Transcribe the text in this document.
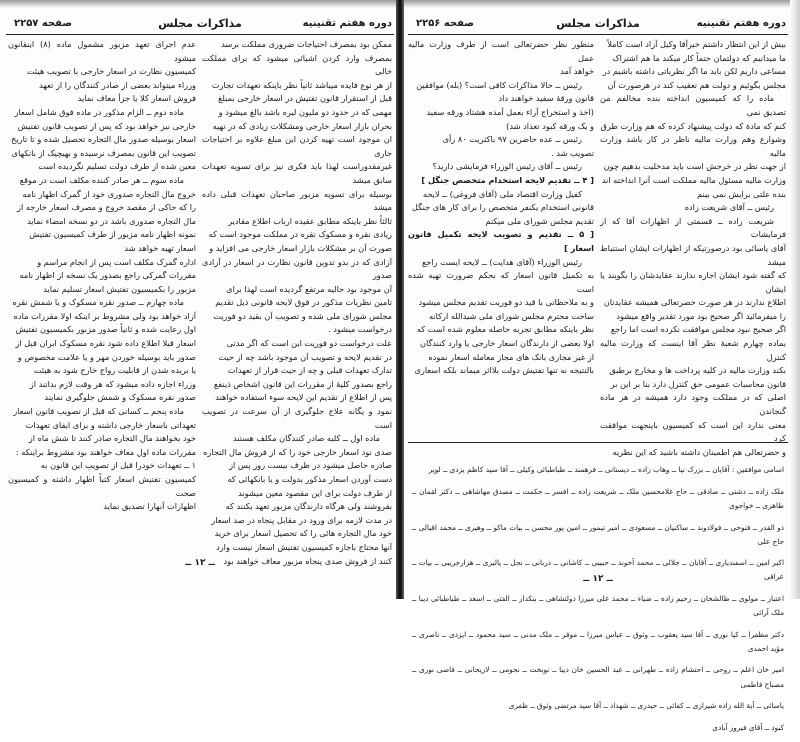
دوره هفتم تقنینیه
مذاکرات مجلس
صفحه ۲۲۵۷

ممکن بود بمصرف احتیاجات ضروری مملکت برسد

بمصرف وارد کردن اشیائی میشود که برای مملکت خالی

از هر نوع فایده میباشد ثانیاً نظر باینکه تعهدات تجارت

قبل از استقرار قانون تفتیش در اسعار خارجی بمبلغ

مهمی که در حدود دو ملیون لیره باشد بالغ میشود و

بحران بازار اسعار خارجی ومشکلات زیادی که در تهیه

ان موجود است تهیه کردن این مبلغ علاوه بر احتیاجات جاری

غیرمقدوراست لهذا باید فکری نیز برای تسویه تعهدات سابق میشد

بوسیله برای تسویه مزبور صاحبان تعهدات قبلی داده میشد

ثالثاً نظر باینکه مطابق عقیده ارباب اطلاع مقادیر

زیادی نقره و مسکوک نقره در مملکت موجود است که

صورت آن بر مشکلات بازار اسعار خارجی می افزاید و

آزادی که در بدو تدوین قانون نظارت در اسعار در آزادی صدور

آن موجود بود حالیه مرتفع گردیده است لهذا برای

تامین نظریات مذکور در فوق لایحه قانونی ذیل تقدیم

مجلس شورای ملی شده و تصویب آن بقید دو فوریت

درخواست میشود .

علت درخواست دو فوریت این است که اگر مدتی

در تقدیم لایحه و تصویب آن موجود باشد چه از حیث

تدارک تعهدات قبلی و چه از حیث قرار از تعهدات

راجع بصدور کلیهٔ از مقررات این قانون اشخاص ذینفع

پس از اطلاع از تقدیم این لایحه سوء استفاده خواهند

نمود و یگانه علاج جلوگیری از آن سرعت در تصویب است

ماده اول ــ کلیه صادر کنندگان مکلف هستند

صدی نود اسعار خارجی خود را که از فروش مال التجاره

صادره حاصل میشود در ظرف بیست روز پس از

دست آوردن اسعار مذکور بدولت و یا بانکهائی که

از طرف دولت برای این مقصود معین میشوند

بفروشند ولی هرگاه دارندگان مزبور تعهد بکنند که

در مدت لازمه برای ورود در مقابل پنجاه در صد اسعار

خود مال التجاره هائی را که تحصیل اسعار برای خرید

آنها محتاج باجازه کمیسیون تفتیش اسعار نیست وارد

کنند از فروش صدی پنجاه مزبور معاف خواهند بود

عدم اجرای تعهد مزبور مشمول ماده (۸) اینقانون میشود

کمیسیون نظارت در اسعار خارجی با تصویب هیئت

وزراء میتواند بعضی از صادر کنندگان را از تعهد

فروش اسعار کلا یا جزأ معاف نماید

ماده دوم ــ الزام مذکور در ماده فوق شامل اسعار

خارجی نیز خواهد بود که پس از تصویب قانون تفتیش

اسعار بوسیله صدور مال التجاره تحصیل شده و تا تاریخ

تصویب این قانون بمصرف نرسیده و بهیچیک از بانکهای

معین شده از طرف دولت تسلیم نگردیده است

ماده سوم ــ هر صادر کننده مکلف است در موقع

خروج مال التجاره صدوری خود از گمرک اظهار نامه

را که حاکی از مقصد خروج و مصرف اسعار خارجه از

مال التجاره صدوری باشد در دو نسخه امضاء نماید

نمونه اظهار نامه مزبور از طرف کمیسیون تفتیش

اسعار تهیه خواهد شد

اداره گمرک مکلف است پس از انجام مراسم و

مقررات گمرکی راجع بصدور یک نسخه از اظهار نامه

مزبور را بکمیسیون تفتیش اسعار تسلیم نماید

ماده چهارم ــ صدور نقره مسکوک و یا شمش نقره

آزاد خواهد بود ولی مشروط بر اینکه اولا مقررات ماده

اول رعایت شده و ثانیاً صدور مزبور بکمیسیون تفتیش

اسعار قبلا اطلاع داده شود نقره مسکوک ایران قبل از

صدور باید بوسیله خوردن مهر و یا علامت مخصوص و

یا بریده شدن از قابلیت رواج خارج شود به هیئت

وزراء اجازه داده میشود که هر وقت لازم بدانند از

صدور نقره مسکوک و شمش جلوگیری نمایند

ماده پنجم ــ کسانی که قبل از تصویب قانون اسعار

تعهداتی باسعار خارجی داشته و برای ایفای تعهدات

خود بخواهند مال التجاره صادر کنند تا شش ماه از

مقررات ماده اول معاف خواهند بود مشروط براینکه :

۱ ــ تعهدات خودرا قبل از تصویب این قانون به

کمیسیون تفتیش اسعار کتباً اظهار داشته و کمیسیون صحت

اظهارات آنهارا تصدیق نماید

ــ ۱۲ ــ
دوره هفتم تقنینیه
مذاکرات مجلس
صفحه ۲۲۵۶

بیش از این انتظار داشتم خبرآقا وکیل آزاد است کاملاً

ما میدانیم که دولتمان حتماً کار میکند ما هم اشتراک

مساعی داریم لکن باید ما اگر نظرباتی داشته باشیم در

مجلس بگوئیم و دولت هم تعقیب کند در هرصورت آن

ماده را که کمیسیون انداخته بنده مخالفم من تصدیق نمی

کنم که مادهٔ که دولت پیشنهاد کرده که هم وزارت طرق

وشوارع وهم وزارت مالیه ناظر در کار باشد وزارت مالیه

از جهت نظر در خرجش است باید مدخلیت بدهیم چون

وزارت مالیه مسئول مالیه مملکت است آنرا انداخته اند

بنده علتی برایش نمی بینم

رئیس ــ آقای شریعت زاده

شریعت زاده ــ قسمتی از اظهارات آقا که از فرمایشات

آقای یاسائی بود درصورتیکه از اظهارات ایشان استنباط میشد

که گفته شود ایشان اجازه ندارند عقایدشان را بگویند یا ایشان

اطلاع ندارند در هر صورت حضرتعالی همیشه عقایدتان

را میفرمائید اگر صحیح بود مورد تقدیر واقع میشود

اگر صحیح نبود مجلس موافقت نکرده است اما راجع

بماده چهارم شعبهٔ نظر آقا اینست که وزارت مالیه کنترل

بکند وزارت مالیه در کلیه پرداخت ها و مخارج برطبق

قانون محاسبات عمومی حق کنترل دارد بنا بر این بر

اصلی که در مملکت وجود دارد همیشه در هر ماده گنجاندن

معنی ندارد این است که کمیسیون باینجهت موافقت کرد

و حضرتعالی هم اطمینان داشته باشید که این نظریه

منظور نظر حضرتعالی است از طرف وزارت مالیه عمل

خواهد آمد

رئیس ــ حالا مذاکرات کافی است؟ (بله) موافقین

قانون ورقهٔ سفید خواهند داد

(اخذ و استخراج آراء بعمل آمده هشتاد ورقه سفید

و یک ورقه کبود تعداد شد)

رئیس ــ عده حاضرین ۹۷ باکثریت ۸۰ رأی

تصویب شد .

رئیس ــ آقای رئیس الوزراء فرمایشی دارید؟

[ ۴ ــ تقدیم لایحه استخدام متخصص جنگل ]

کفیل وزارت اقتصاد ملی (آقای فروغی) ــ لایحه

قانونی استخدام یکنفر متخصص را برای کار های جنگل

تقدیم مجلس شورای ملی میکنم

[ ۵ ــ تقدیم و تصویب لایحه تکمیل قانون اسعار ]

رئیس الوزراء (آقای هدایت) ــ لایحه ایست راجع

به تکمیل قانون اسعار که بحکم ضرورت تهیه شده است

و به ملاحظاتی با قید دو فوریت تقدیم مجلس میشود

ساحت محترم مجلس شورای ملی شیدالله ارکانه

نظر باینکه مطابق تجربه حاصله معلوم شده است که

اولا بعضی از دارندگان اسعار خارجی یا وارد کنندگان

از غیر مجاری بانک های مجاز معامله اسعار نموده

بالنتیجه نه تنها تفتیش دولت بلااثر میماند بلکه اسعاری

اسامی موافقین : آقایان ــ بزرک نیا ــ وهاب زاده ــ دیستانی ــ فرهمند ــ طباطبائی وکیلی ــ آقا سید کاظم یزدی ــ لویر

ملک زاده ــ دشتی ــ صادقی ــ حاج غلامحسین ملک ــ شریعت زاده ــ افسر ــ حکمت ــ مصدق مهاشاهی ــ دکتر لقمان ــ طاهری ــ خواجوی

ذو القدر ــ فتوحی ــ فولادوند ــ ساکنیان ــ مسعودی ــ امیر تیمور ــ امین پور محسن ــ بیات ماکو ــ وهیری ــ محمد اقبالی ــ حاج علی

اکبر امین ــ اسفندیاری ــ آقایان ــ جلالی ــ محمد آخوند ــ حبیبی ــ کاشانی ــ دربانی ــ نجل ــ پالیزی ــ هزارجریبی ــ بیات ــ عراقی

اعتبار ــ مولوی ــ طالشخان ــ رحیم زاده ــ ضیاء ــ محمد علی میرزا دولتشاهی ــ بنکدار ــ الفتی ــ اسعد ــ طباطبائی دیبا ــ ملک آرائی

دکتر مظفرا ــ کیا نوری ــ آقا سید یعقوب ــ وثوق ــ عباس میرزا ــ موقر ــ ملک مدنی ــ سید محمود ــ ایزدی ــ ناصری ــ مؤید احمدی

امیر خان اعلم ــ روحی ــ احتشام زاده ــ طهرانی ــ عبد الحسین خان دیبا ــ نوبخت ــ نجومی ــ لاریجانی ــ قاضی نوری ــ مصباح فاطمی

یاسائی ــ آیة الله زاده شیرازی ــ کفائی ــ حیدری ــ شهداد ــ آقا سید مرتضی وثوق ــ ظفری

کبود ــ آقای فیروز آبادی

ــ ۱۲ ــ
